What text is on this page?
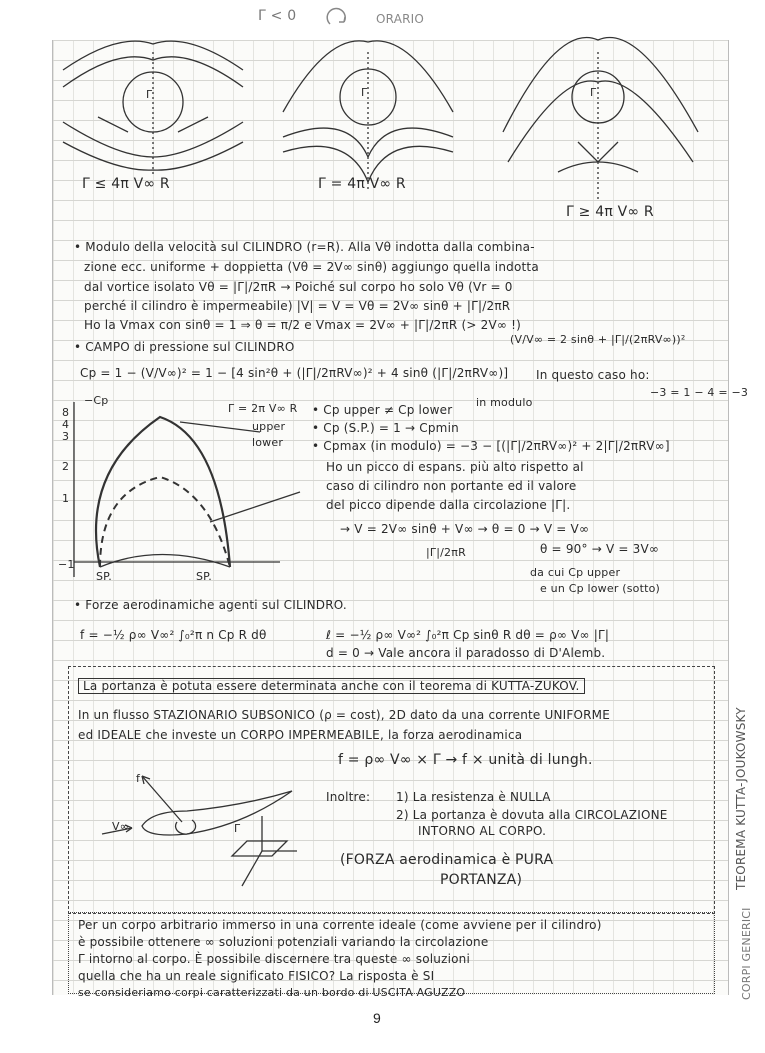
Γ < 0	ORARIO
Γ	Γ	Γ
Γ ≤ 4π V∞ R	Γ = 4π V∞ R
Γ ≥ 4π V∞ R
• Modulo della velocità sul CILINDRO (r=R). Alla Vθ indotta dalla combina-
zione ecc. uniforme + doppietta (Vθ = 2V∞ sinθ) aggiungo quella indotta
dal vortice isolato Vθ = |Γ|/2πR → Poiché sul corpo ho solo Vθ (Vr = 0
perché il cilindro è impermeabile) |V| = V = Vθ = 2V∞ sinθ + |Γ|/2πR
Ho la Vmax con sinθ = 1 ⇒ θ = π/2 e Vmax = 2V∞ + |Γ|/2πR (> 2V∞ !)
(V/V∞ = 2 sinθ + |Γ|/(2πRV∞))²
• CAMPO di pressione sul CILINDRO
Cp = 1 − (V/V∞)² = 1 − [4 sin²θ + (|Γ|/2πRV∞)² + 4 sinθ (|Γ|/2πRV∞)] In questo caso ho:
−3 = 1 − 4 = −3
−Cp
8
4
3
2
1
−1
Γ = 2π V∞ R
upper
lower
SP.	SP.
• Cp upper ≠ Cp lower
in modulo
• Cp (S.P.) = 1 → Cpmin
• Cpmax (in modulo) = −3 − [(|Γ|/2πRV∞)² + 2|Γ|/2πRV∞]
Ho un picco di espans. più alto rispetto al
caso di cilindro non portante ed il valore
del picco dipende dalla circolazione |Γ|.
→ V = 2V∞ sinθ + V∞ → θ = 0 → V = V∞
θ = 90° → V = 3V∞
|Γ|/2πR
da cui Cp upper
e un Cp lower (sotto)
• Forze aerodinamiche agenti sul CILINDRO.
f = −½ ρ∞ V∞² ∫₀²π n Cp R dθ	ℓ = −½ ρ∞ V∞² ∫₀²π Cp sinθ R dθ = ρ∞ V∞ |Γ|
d = 0 → Vale ancora il paradosso di D'Alemb.
La portanza è potuta essere determinata anche con il teorema di KUTTA-ZUKOV.
In un flusso STAZIONARIO SUBSONICO (ρ = cost), 2D dato da una corrente UNIFORME
ed IDEALE che investe un CORPO IMPERMEABILE, la forza aerodinamica
f = ρ∞ V∞ × Γ → f × unità di lungh.
Inoltre: 1) La resistenza è NULLA
2) La portanza è dovuta alla CIRCOLAZIONE
INTORNO AL CORPO.
(FORZA aerodinamica è PURA
PORTANZA)
f
V∞	Γ
Per un corpo arbitrario immerso in una corrente ideale (come avviene per il cilindro)
è possibile ottenere ∞ soluzioni potenziali variando la circolazione
Γ intorno al corpo. È possibile discernere tra queste ∞ soluzioni
quella che ha un reale significato FISICO? La risposta è SI
se consideriamo corpi caratterizzati da un bordo di USCITA AGUZZO
TEOREMA KUTTA-JOUKOWSKY
CORPI GENERICI
9
